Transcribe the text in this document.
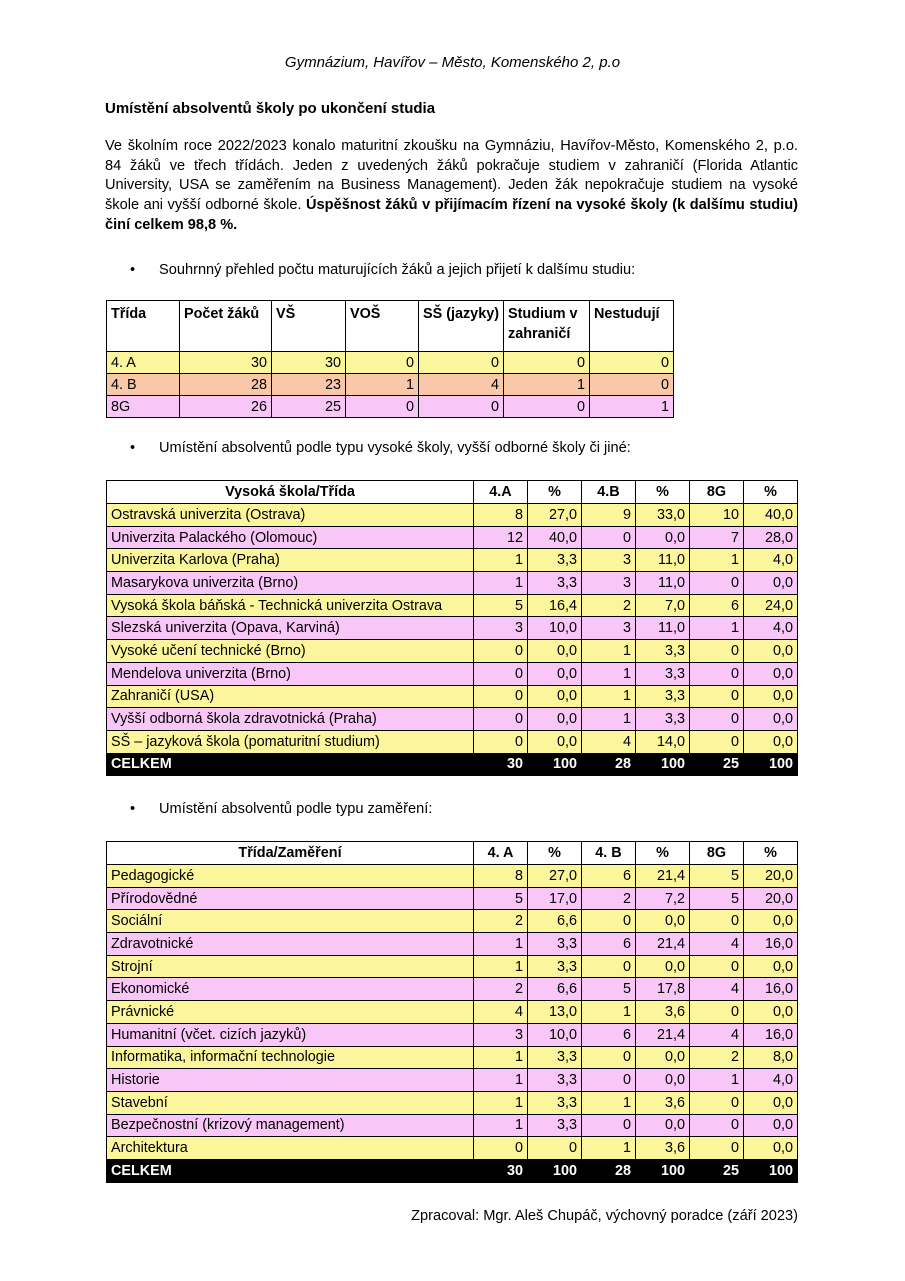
Gymnázium, Havířov – Město, Komenského 2, p.o
Umístění absolventů školy po ukončení studia
Ve školním roce 2022/2023 konalo maturitní zkoušku na Gymnáziu, Havířov-Město, Komenského 2, p.o. 84 žáků ve třech třídách. Jeden z uvedených žáků pokračuje studiem v zahraničí (Florida Atlantic University, USA se zaměřením na Business Management). Jeden žák nepokračuje studiem na vysoké škole ani vyšší odborné škole. Úspěšnost žáků v přijímacím řízení na vysoké školy (k dalšímu studiu) činí celkem 98,8 %.
• Souhrnný přehled počtu maturujících žáků a jejich přijetí k dalšímu studiu:
Třída	Počet žáků	VŠ	VOŠ	SŠ (jazyky)	Studium v zahraničí	Nestudují
4. A	30	30	0	0	0	0
4. B	28	23	1	4	1	0
8G	26	25	0	0	0	1
• Umístění absolventů podle typu vysoké školy, vyšší odborné školy či jiné:
Vysoká škola/Třída	4.A	%	4.B	%	8G	%
Ostravská univerzita (Ostrava)	8	27,0	9	33,0	10	40,0
Univerzita Palackého (Olomouc)	12	40,0	0	0,0	7	28,0
Univerzita Karlova (Praha)	1	3,3	3	11,0	1	4,0
Masarykova univerzita (Brno)	1	3,3	3	11,0	0	0,0
Vysoká škola báňská - Technická univerzita Ostrava	5	16,4	2	7,0	6	24,0
Slezská univerzita (Opava, Karviná)	3	10,0	3	11,0	1	4,0
Vysoké učení technické (Brno)	0	0,0	1	3,3	0	0,0
Mendelova univerzita (Brno)	0	0,0	1	3,3	0	0,0
Zahraničí (USA)	0	0,0	1	3,3	0	0,0
Vyšší odborná škola zdravotnická (Praha)	0	0,0	1	3,3	0	0,0
SŠ – jazyková škola (pomaturitní studium)	0	0,0	4	14,0	0	0,0
CELKEM	30	100	28	100	25	100
• Umístění absolventů podle typu zaměření:
Třída/Zaměření	4. A	%	4. B	%	8G	%
Pedagogické	8	27,0	6	21,4	5	20,0
Přírodovědné	5	17,0	2	7,2	5	20,0
Sociální	2	6,6	0	0,0	0	0,0
Zdravotnické	1	3,3	6	21,4	4	16,0
Strojní	1	3,3	0	0,0	0	0,0
Ekonomické	2	6,6	5	17,8	4	16,0
Právnické	4	13,0	1	3,6	0	0,0
Humanitní (včet. cizích jazyků)	3	10,0	6	21,4	4	16,0
Informatika, informační technologie	1	3,3	0	0,0	2	8,0
Historie	1	3,3	0	0,0	1	4,0
Stavební	1	3,3	1	3,6	0	0,0
Bezpečnostní (krizový management)	1	3,3	0	0,0	0	0,0
Architektura	0	0	1	3,6	0	0,0
CELKEM	30	100	28	100	25	100
Zpracoval: Mgr. Aleš Chupáč, výchovný poradce (září 2023)
